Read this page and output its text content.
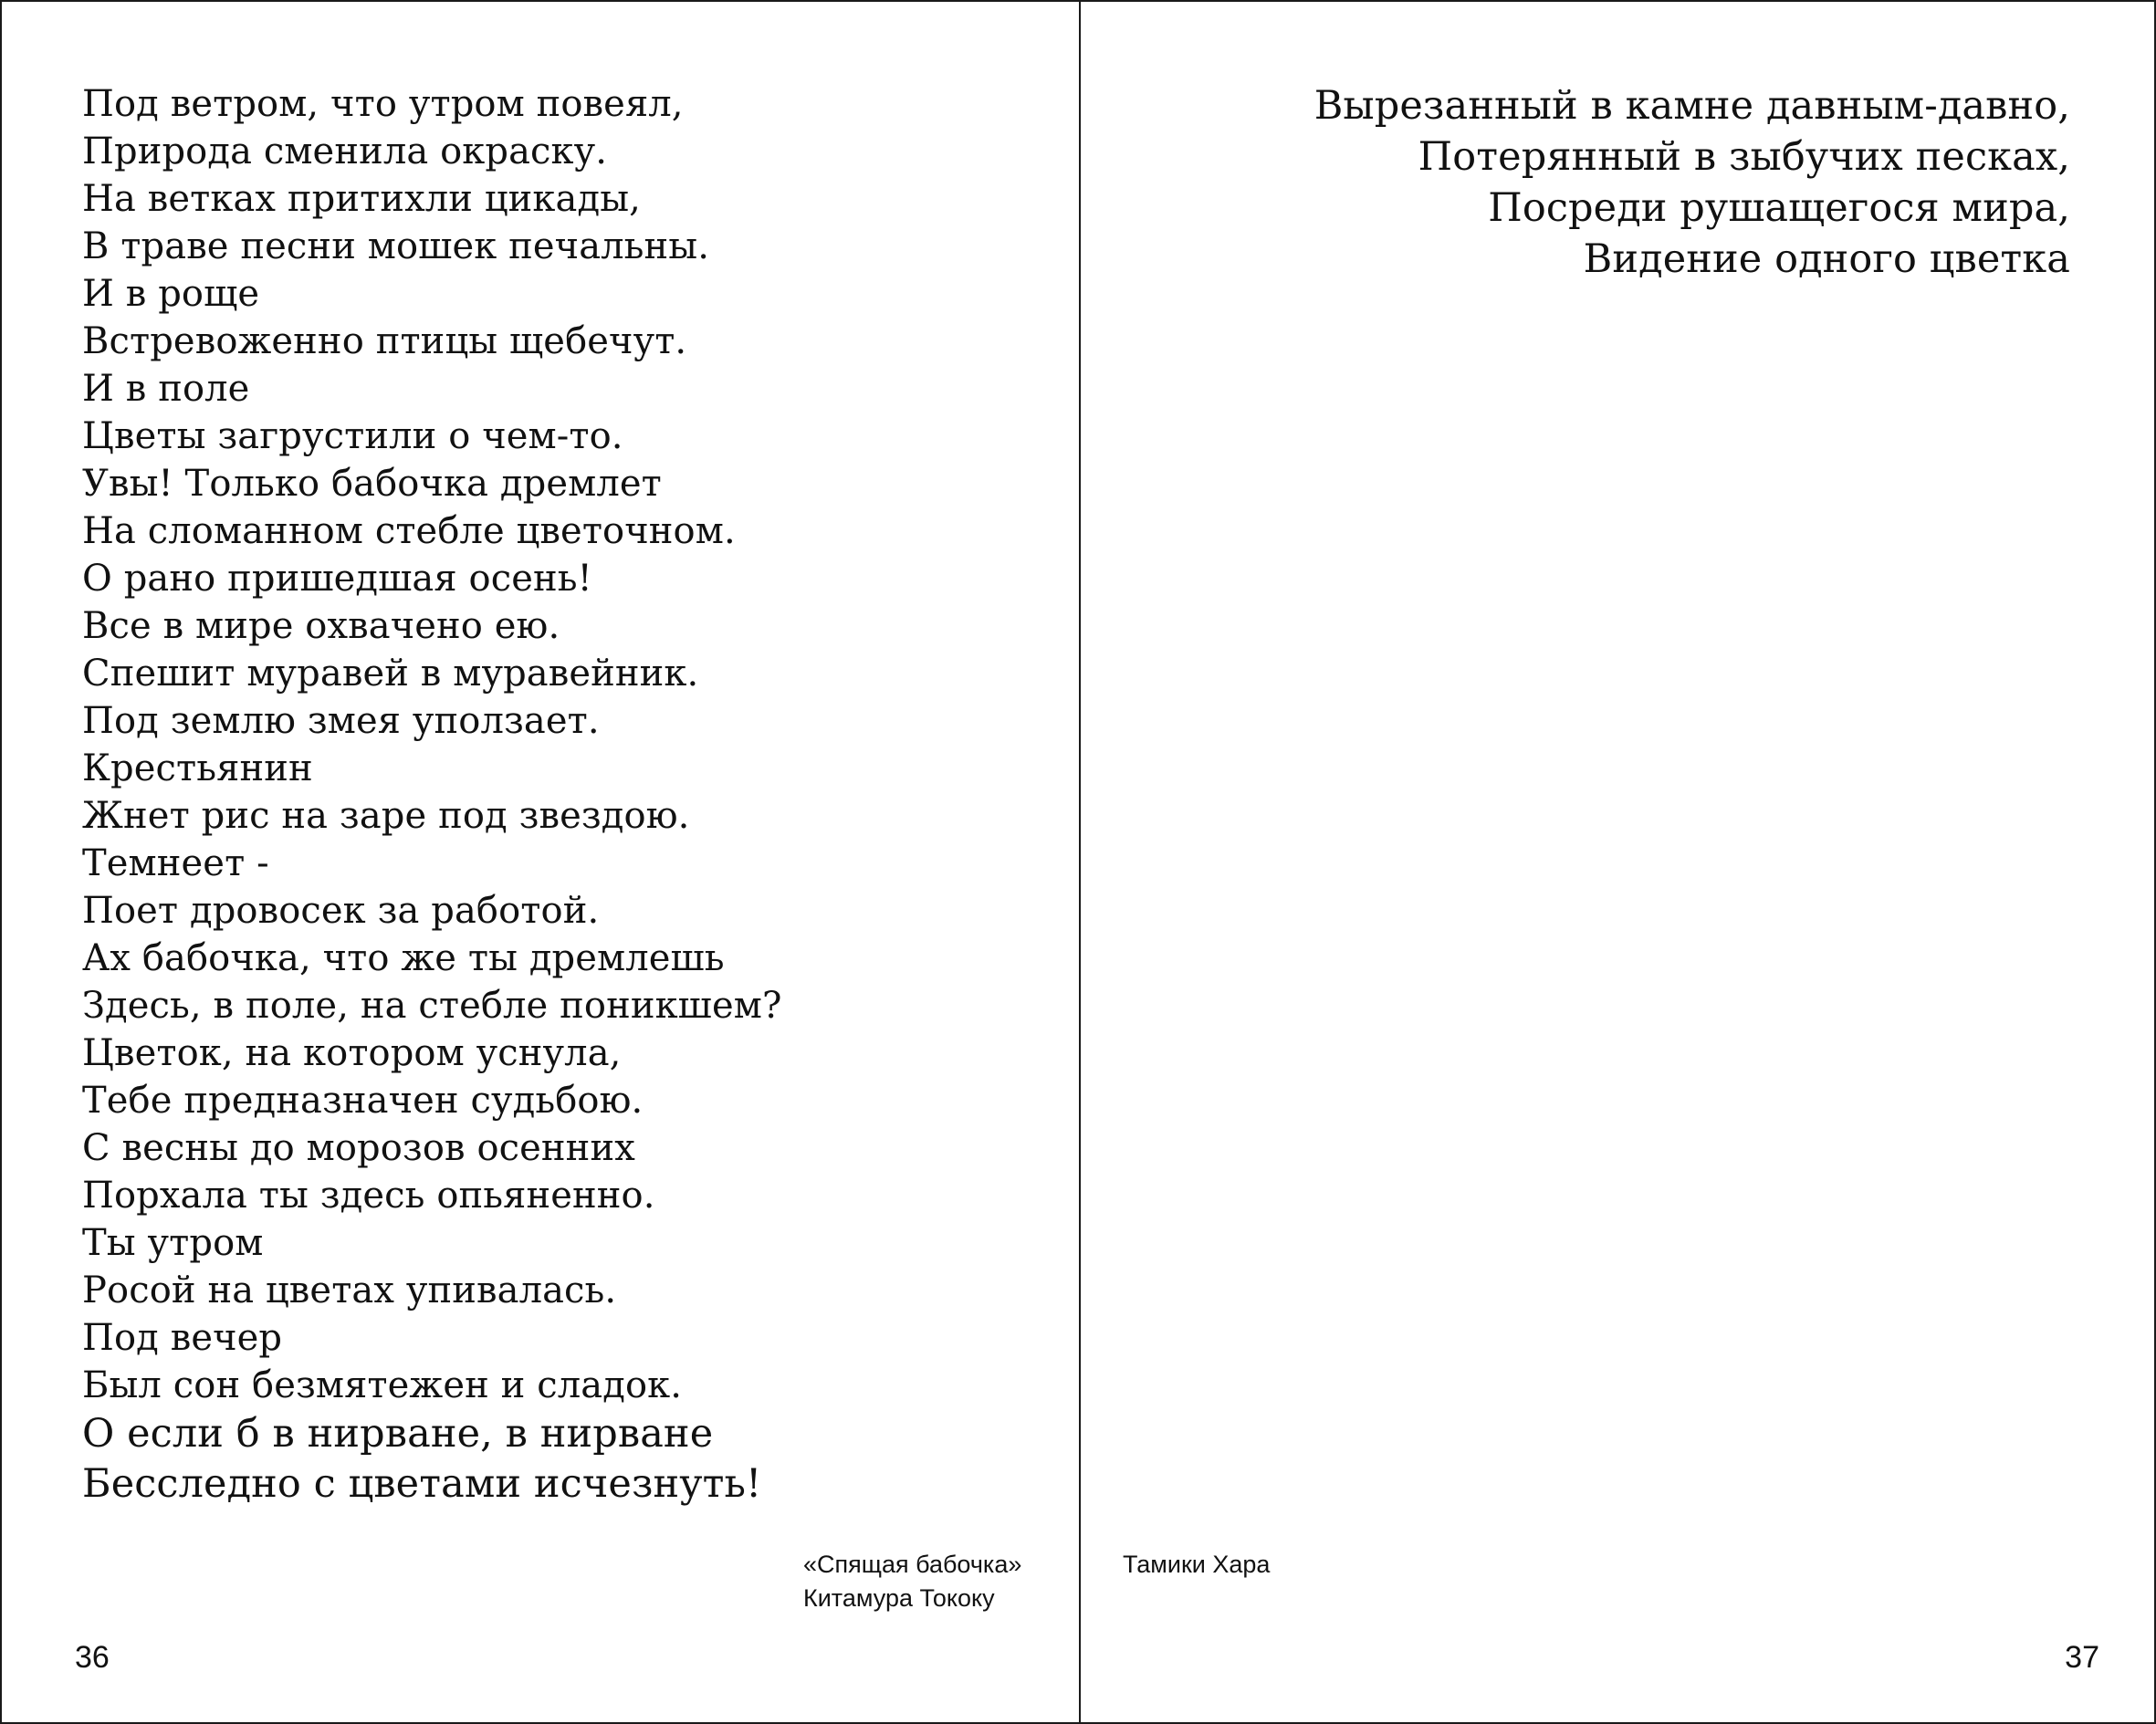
Под ветром, что утром повеял,
Природа сменила окраску.
На ветках притихли цикады,
В траве песни мошек печальны.
И в роще
Встревоженно птицы щебечут.
И в поле
Цветы загрустили о чем-то.
Увы! Только бабочка дремлет
На сломанном стебле цветочном.
О рано пришедшая осень!
Все в мире охвачено ею.
Спешит муравей в муравейник.
Под землю змея уползает.
Крестьянин
Жнет рис на заре под звездою.
Темнеет -
Поет дровосек за работой.
Ах бабочка, что же ты дремлешь
Здесь, в поле, на стебле поникшем?
Цветок, на котором уснула,
Тебе предназначен судьбою.
С весны до морозов осенних
Порхала ты здесь опьяненно.
Ты утром
Росой на цветах упивалась.
Под вечер
Был сон безмятежен и сладок.
О если б в нирване, в нирване
Бесследно с цветами исчезнуть!
«Спящая бабочка»
Китамура Тококу
36
Вырезанный в камне давным-давно,
Потерянный в зыбучих песках,
Посреди рушащегося мира,
Видение одного цветка
Тамики Хара
37
